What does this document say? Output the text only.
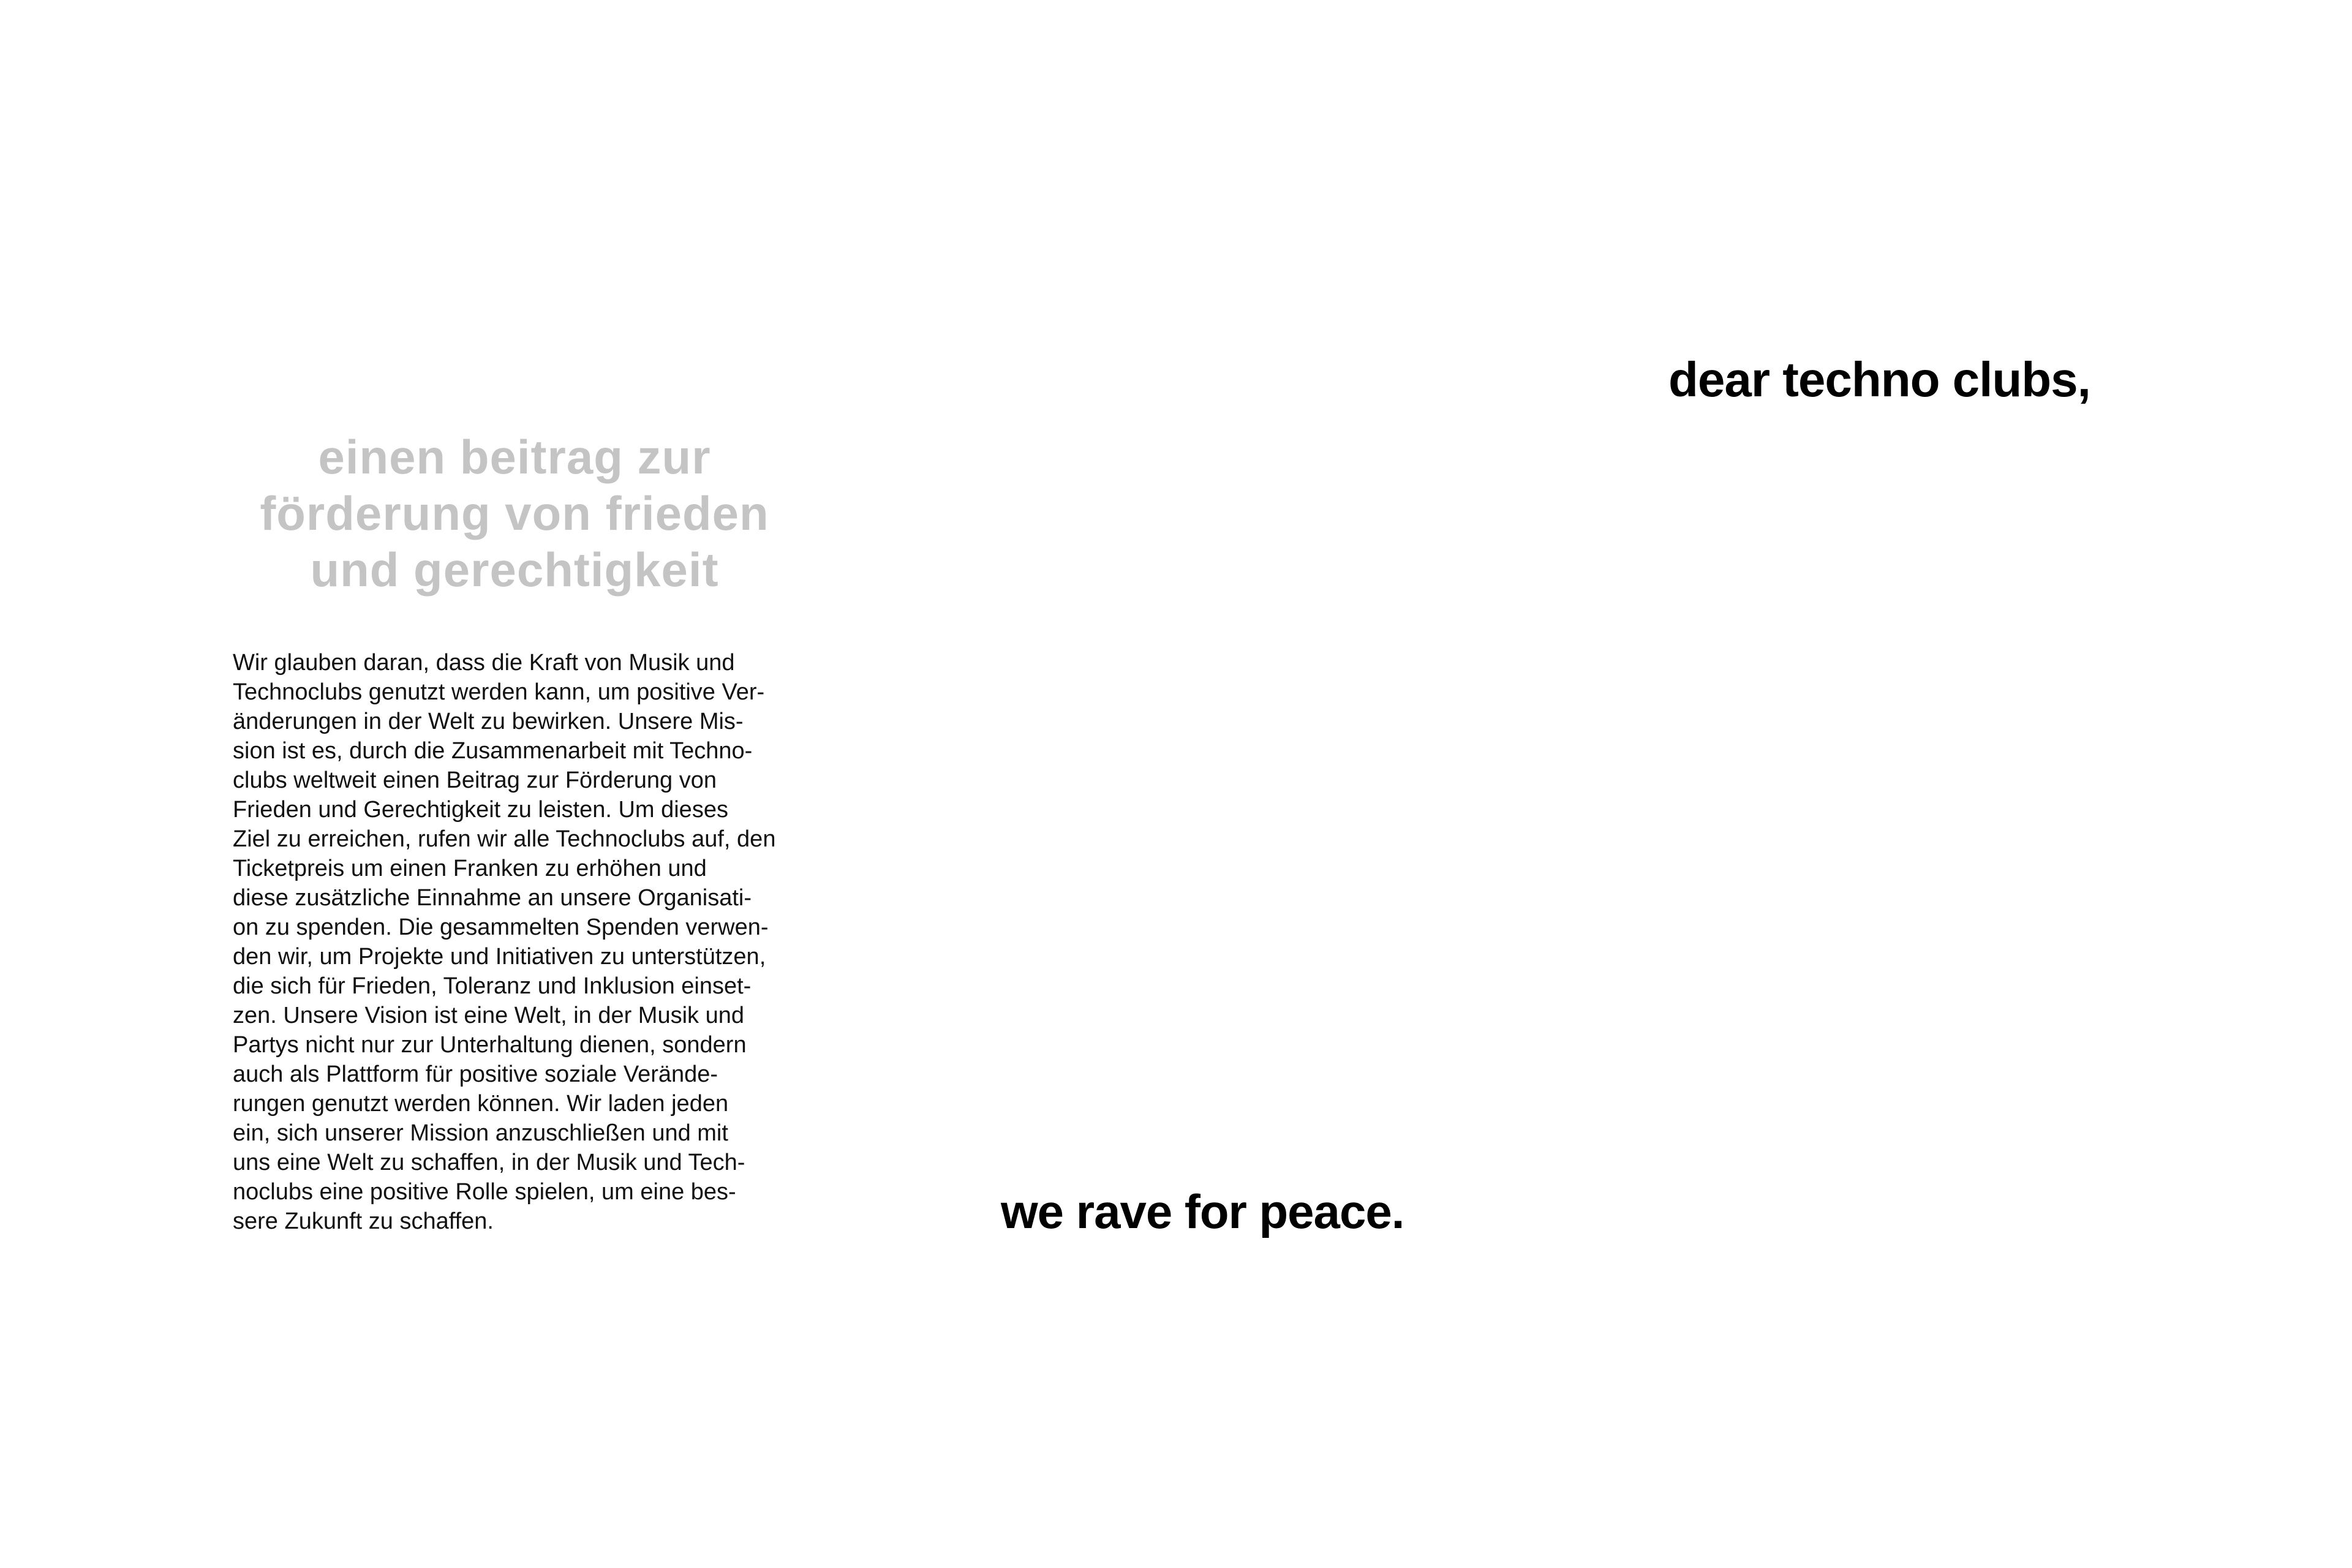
einen beitrag zur
förderung von frieden
und gerechtigkeit
Wir glauben daran, dass die Kraft von Musik und
Technoclubs genutzt werden kann, um positive Ver-
änderungen in der Welt zu bewirken. Unsere Mis-
sion ist es, durch die Zusammenarbeit mit Techno-
clubs weltweit einen Beitrag zur Förderung von
Frieden und Gerechtigkeit zu leisten. Um dieses
Ziel zu erreichen, rufen wir alle Technoclubs auf, den
Ticketpreis um einen Franken zu erhöhen und
diese zusätzliche Einnahme an unsere Organisati-
on zu spenden. Die gesammelten Spenden verwen-
den wir, um Projekte und Initiativen zu unterstützen,
die sich für Frieden, Toleranz und Inklusion einset-
zen. Unsere Vision ist eine Welt, in der Musik und
Partys nicht nur zur Unterhaltung dienen, sondern
auch als Plattform für positive soziale Verände-
rungen genutzt werden können. Wir laden jeden
ein, sich unserer Mission anzuschließen und mit
uns eine Welt zu schaffen, in der Musik und Tech-
noclubs eine positive Rolle spielen, um eine bes-
sere Zukunft zu schaffen.
dear techno clubs,
we rave for peace.
